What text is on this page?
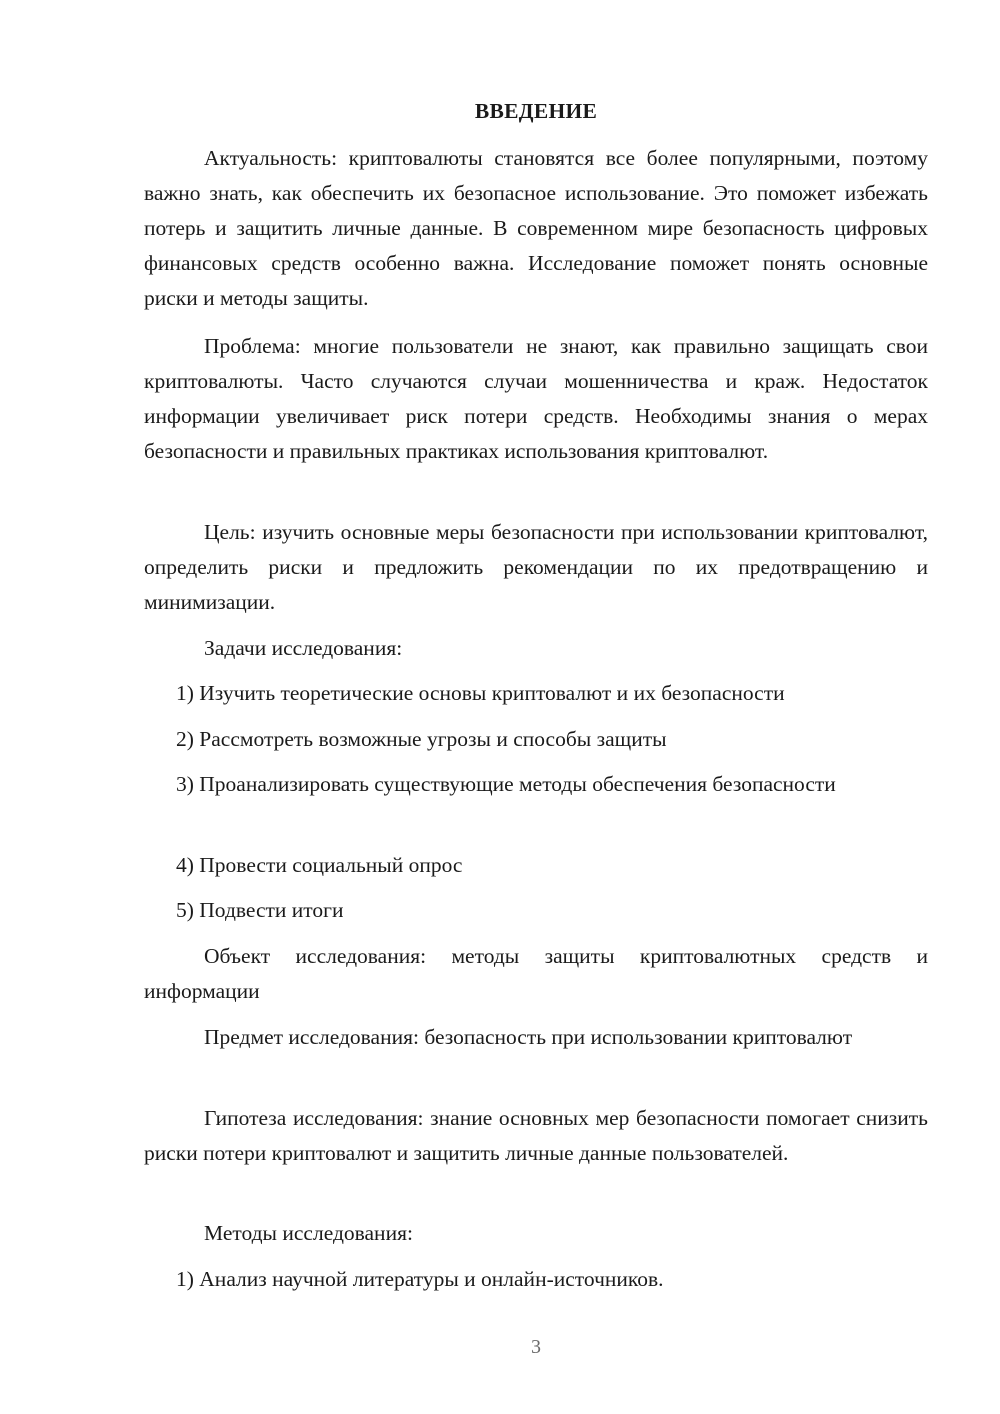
ВВЕДЕНИЕ

Актуальность: криптовалюты становятся все более популярными, поэтому важно знать, как обеспечить их безопасное использование. Это поможет избежать потерь и защитить личные данные. В современном мире безопасность цифровых финансовых средств особенно важна. Исследование поможет понять основные риски и методы защиты.

Проблема: многие пользователи не знают, как правильно защищать свои криптовалюты. Часто случаются случаи мошенничества и краж. Недостаток информации увеличивает риск потери средств. Необходимы знания о мерах безопасности и правильных практиках использования криптовалют.

Цель: изучить основные меры безопасности при использовании криптовалют, определить риски и предложить рекомендации по их предотвращению и минимизации.

Задачи исследования:

1) Изучить теоретические основы криптовалют и их безопасности

2) Рассмотреть возможные угрозы и способы защиты

3) Проанализировать существующие методы обеспечения безопасности

4) Провести социальный опрос

5) Подвести итоги

Объект исследования: методы защиты криптовалютных средств и информации

Предмет исследования: безопасность при использовании криптовалют

Гипотеза исследования: знание основных мер безопасности помогает снизить риски потери криптовалют и защитить личные данные пользователей.

Методы исследования:

1) Анализ научной литературы и онлайн-источников.

3
